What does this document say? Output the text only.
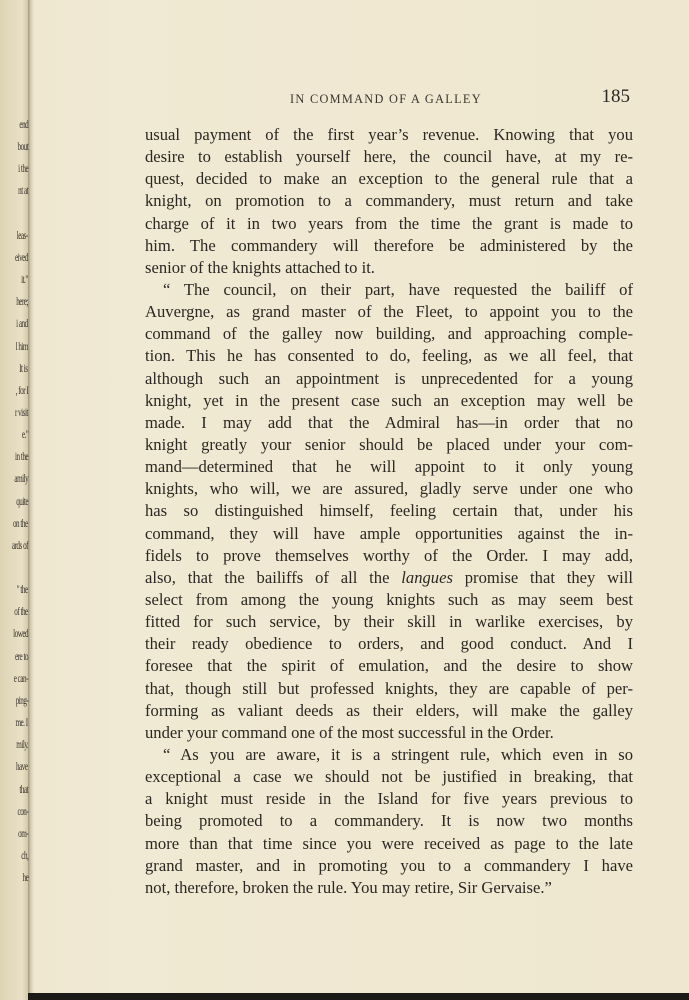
end
bout
i the
nt at
leas-
eived
it."
here;
i and
l him
It is
, for I
r visit
e."
in the
amily
quite
on the
ards of
" the
of the
lowed
ere to
e can-
ping-
me. I
mily.
have
that
con-
om-
ch,
he
IN COMMAND OF A GALLEY	185
usual payment of the first year’s revenue. Knowing that you
desire to establish yourself here, the council have, at my re-
quest, decided to make an exception to the general rule that a
knight, on promotion to a commandery, must return and take
charge of it in two years from the time the grant is made to
him. The commandery will therefore be administered by the
senior of the knights attached to it.
“ The council, on their part, have requested the bailiff of
Auvergne, as grand master of the Fleet, to appoint you to the
command of the galley now building, and approaching comple-
tion. This he has consented to do, feeling, as we all feel, that
although such an appointment is unprecedented for a young
knight, yet in the present case such an exception may well be
made. I may add that the Admiral has—in order that no
knight greatly your senior should be placed under your com-
mand—determined that he will appoint to it only young
knights, who will, we are assured, gladly serve under one who
has so distinguished himself, feeling certain that, under his
command, they will have ample opportunities against the in-
fidels to prove themselves worthy of the Order. I may add,
also, that the bailiffs of all the langues promise that they will
select from among the young knights such as may seem best
fitted for such service, by their skill in warlike exercises, by
their ready obedience to orders, and good conduct. And I
foresee that the spirit of emulation, and the desire to show
that, though still but professed knights, they are capable of per-
forming as valiant deeds as their elders, will make the galley
under your command one of the most successful in the Order.
“ As you are aware, it is a stringent rule, which even in so
exceptional a case we should not be justified in breaking, that
a knight must reside in the Island for five years previous to
being promoted to a commandery. It is now two months
more than that time since you were received as page to the late
grand master, and in promoting you to a commandery I have
not, therefore, broken the rule. You may retire, Sir Gervaise.”
